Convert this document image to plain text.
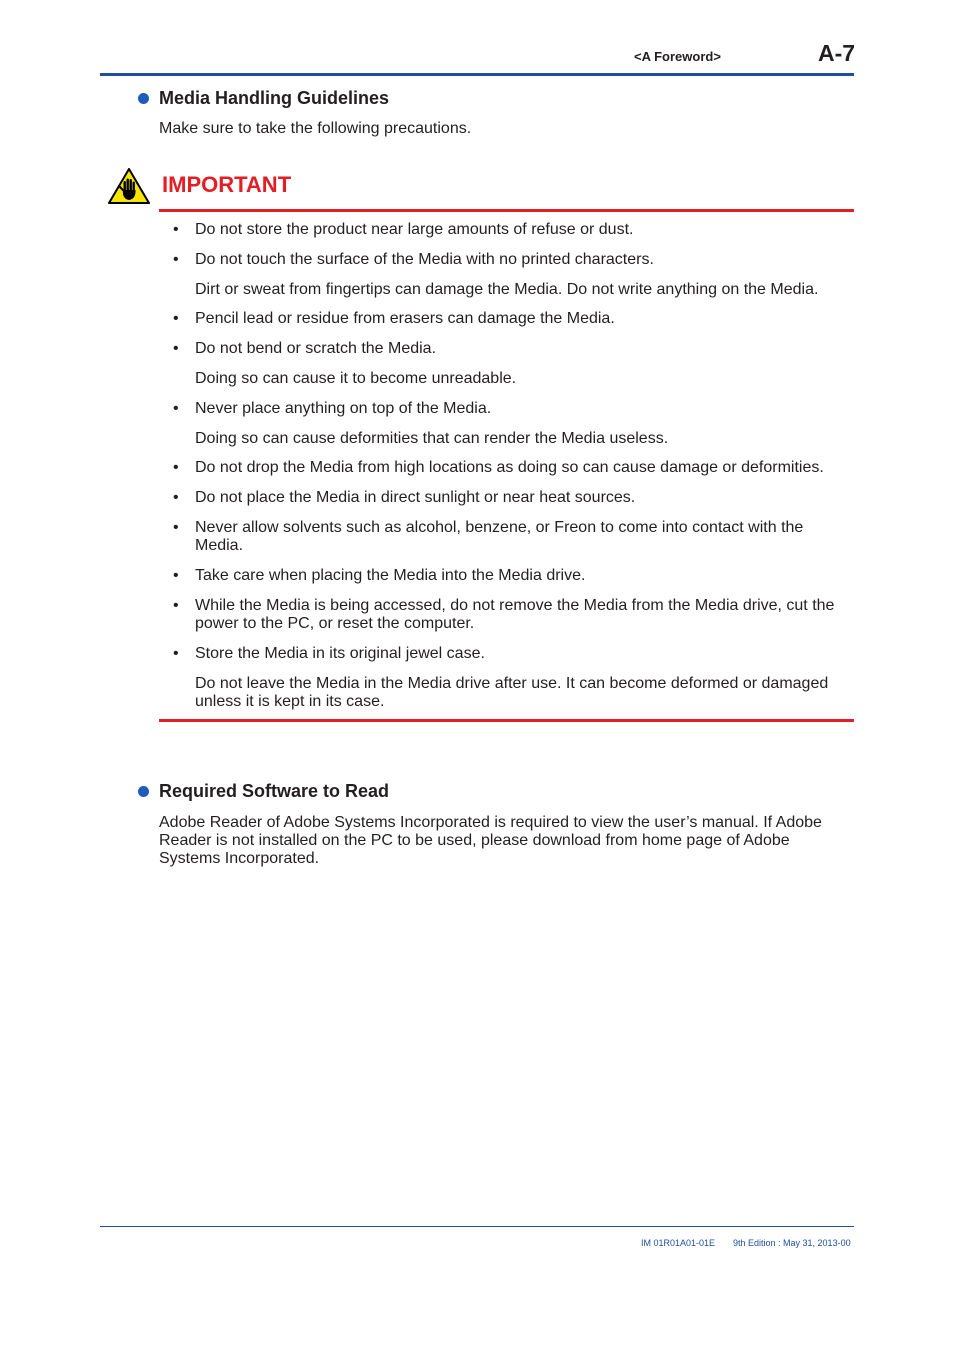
<A Foreword>	A-7
Media Handling Guidelines
Make sure to take the following precautions.
IMPORTANT
•	Do not store the product near large amounts of refuse or dust.
•	Do not touch the surface of the Media with no printed characters.
Dirt or sweat from fingertips can damage the Media. Do not write anything on the Media.
•	Pencil lead or residue from erasers can damage the Media.
•	Do not bend or scratch the Media.
Doing so can cause it to become unreadable.
•	Never place anything on top of the Media.
Doing so can cause deformities that can render the Media useless.
•	Do not drop the Media from high locations as doing so can cause damage or deformities.
•	Do not place the Media in direct sunlight or near heat sources.
•	Never allow solvents such as alcohol, benzene, or Freon to come into contact with the Media.
•	Take care when placing the Media into the Media drive.
•	While the Media is being accessed, do not remove the Media from the Media drive, cut the power to the PC, or reset the computer.
•	Store the Media in its original jewel case.
Do not leave the Media in the Media drive after use. It can become deformed or damaged unless it is kept in its case.
Required Software to Read
Adobe Reader of Adobe Systems Incorporated is required to view the user’s manual. If Adobe Reader is not installed on the PC to be used, please download from home page of Adobe Systems Incorporated.
IM 01R01A01-01E 9th Edition : May 31, 2013-00
